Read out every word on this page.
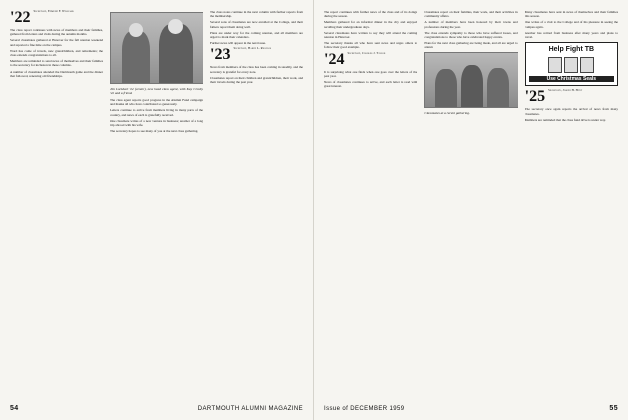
'22 Secretary, Edmund F. Williams

The class report continues with news of members and their families, gathered from letters and visits during the autumn months.

Several classmates gathered at Hanover for the fall reunion weekend and reported a fine time on the campus.

Word has come of travels, new grandchildren, and retirements; the class extends congratulations to all.

Members are reminded to send news of themselves and their families to the secretary for inclusion in these columns.

A number of classmates attended the Dartmouth game and the dinner that followed, renewing old friendships.

Jim Lockhart '22 (center), new head class agent, with Kay Crosby '22 and a friend.

The class agent reports good progress in the Alumni Fund campaign and thanks all who have contributed so generously.

Letters continue to arrive from members living in many parts of the country, and news of each is gratefully received.

One classmate writes of a new venture in business; another of a long trip abroad with his wife.

The secretary hopes to see many of you at the next class gathering.

The class notes continue in the next column with further reports from the membership.

Several sons of classmates are now enrolled at the College, and their fathers report them doing well.

Plans are under way for the coming reunion, and all members are urged to mark their calendars.

Further news will appear in the next issue.

'23 Secretary, Harry L. Ruggles

News from members of the class has been coming in steadily, and the secretary is grateful for every note.

Classmates report on their children and grandchildren, their work, and their travels during the past year.

54	DARTMOUTH ALUMNI MAGAZINE

The report continues with further news of the class and of its doings during the season.

Members gathered for an informal dinner in the city and enjoyed recalling their undergraduate days.

Several classmates have written to say they will attend the coming reunion in Hanover.

The secretary thanks all who have sent news and urges others to follow their good example.

'24 Secretary, Charles J. Taylor

It is surprising what one finds when one goes over the letters of the past year.

News of classmates continues to arrive, and each letter is read with great interest.

Classmates report on their families, their work, and their activities in community affairs.

A number of members have been honored by their towns and professions during the year.

The class extends sympathy to those who have suffered losses, and congratulations to those who have celebrated happy events.

Plans for the next class gathering are being made, and all are urged to attend.

Classmates at a recent gathering.

Many classmates have sent in news of themselves and their families this season.

One writes of a visit to the College and of his pleasure in seeing the campus again.

Another has retired from business after many years and plans to travel.

Help Fight TB
Use Christmas Seals
'25 Secretary, Joseph H. Hoyt

The secretary once again reports the arrival of news from many classmates.

Members are reminded that the class fund drive is under way.

Issue of DECEMBER 1959	55
